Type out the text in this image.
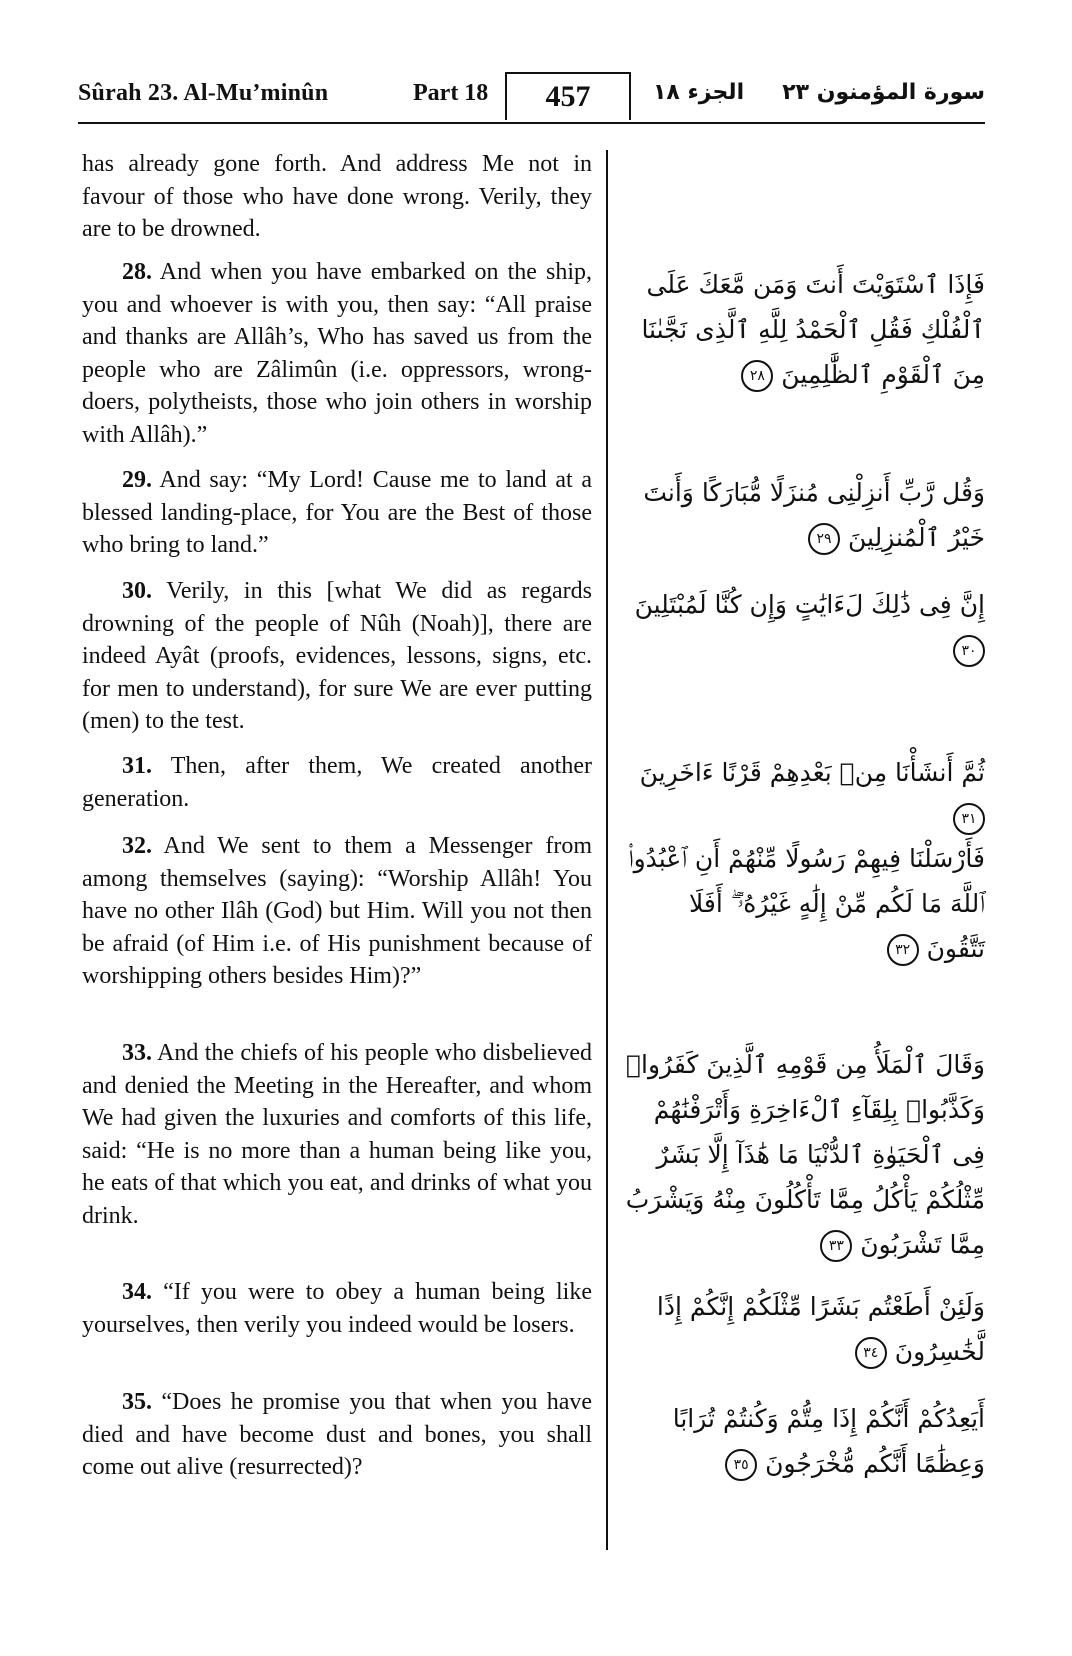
Sûrah 23. Al-Mu’minûn	Part 18	457	الجزء ١٨ سورة المؤمنون ٢٣

has already gone forth. And address Me not in favour of those who have done wrong. Verily, they are to be drowned.

28. And when you have embarked on the ship, you and whoever is with you, then say: “All praise and thanks are Allâh’s, Who has saved us from the people who are Zâlimûn (i.e. oppressors, wrong-doers, polytheists, those who join others in worship with Allâh).”

29. And say: “My Lord! Cause me to land at a blessed landing-place, for You are the Best of those who bring to land.”

30. Verily, in this [what We did as regards drowning of the people of Nûh (Noah)], there are indeed Ayât (proofs, evidences, lessons, signs, etc. for men to understand), for sure We are ever putting (men) to the test.

31. Then, after them, We created another generation.

32. And We sent to them a Messenger from among themselves (saying): “Worship Allâh! You have no other Ilâh (God) but Him. Will you not then be afraid (of Him i.e. of His punishment because of worshipping others besides Him)?”

33. And the chiefs of his people who disbelieved and denied the Meeting in the Hereafter, and whom We had given the luxuries and comforts of this life, said: “He is no more than a human being like you, he eats of that which you eat, and drinks of what you drink.

34. “If you were to obey a human being like yourselves, then verily you indeed would be losers.

35. “Does he promise you that when you have died and have become dust and bones, you shall come out alive (resurrected)?

فَإِذَا ٱسْتَوَيْتَ أَنتَ وَمَن مَّعَكَ عَلَى ٱلْفُلْكِ فَقُلِ ٱلْحَمْدُ لِلَّهِ ٱلَّذِى نَجَّىٰنَا مِنَ ٱلْقَوْمِ ٱلظَّٰلِمِينَ ٢٨
وَقُل رَّبِّ أَنزِلْنِى مُنزَلًا مُّبَارَكًا وَأَنتَ خَيْرُ ٱلْمُنزِلِينَ ٢٩
إِنَّ فِى ذَٰلِكَ لَءَايَٰتٍ وَإِن كُنَّا لَمُبْتَلِينَ ٣٠
ثُمَّ أَنشَأْنَا مِنۢ بَعْدِهِمْ قَرْنًا ءَاخَرِينَ ٣١
فَأَرْسَلْنَا فِيهِمْ رَسُولًا مِّنْهُمْ أَنِ ٱعْبُدُوا۟ ٱللَّهَ مَا لَكُم مِّنْ إِلَٰهٍ غَيْرُهُۥٓ ۖ أَفَلَا تَتَّقُونَ ٣٢
وَقَالَ ٱلْمَلَأُ مِن قَوْمِهِ ٱلَّذِينَ كَفَرُوا۟ وَكَذَّبُوا۟ بِلِقَآءِ ٱلْءَاخِرَةِ وَأَتْرَفْنَٰهُمْ فِى ٱلْحَيَوٰةِ ٱلدُّنْيَا مَا هَٰذَآ إِلَّا بَشَرٌ مِّثْلُكُمْ يَأْكُلُ مِمَّا تَأْكُلُونَ مِنْهُ وَيَشْرَبُ مِمَّا تَشْرَبُونَ ٣٣
وَلَئِنْ أَطَعْتُم بَشَرًا مِّثْلَكُمْ إِنَّكُمْ إِذًا لَّخَٰسِرُونَ ٣٤
أَيَعِدُكُمْ أَنَّكُمْ إِذَا مِتُّمْ وَكُنتُمْ تُرَابًا وَعِظَٰمًا أَنَّكُم مُّخْرَجُونَ ٣٥
